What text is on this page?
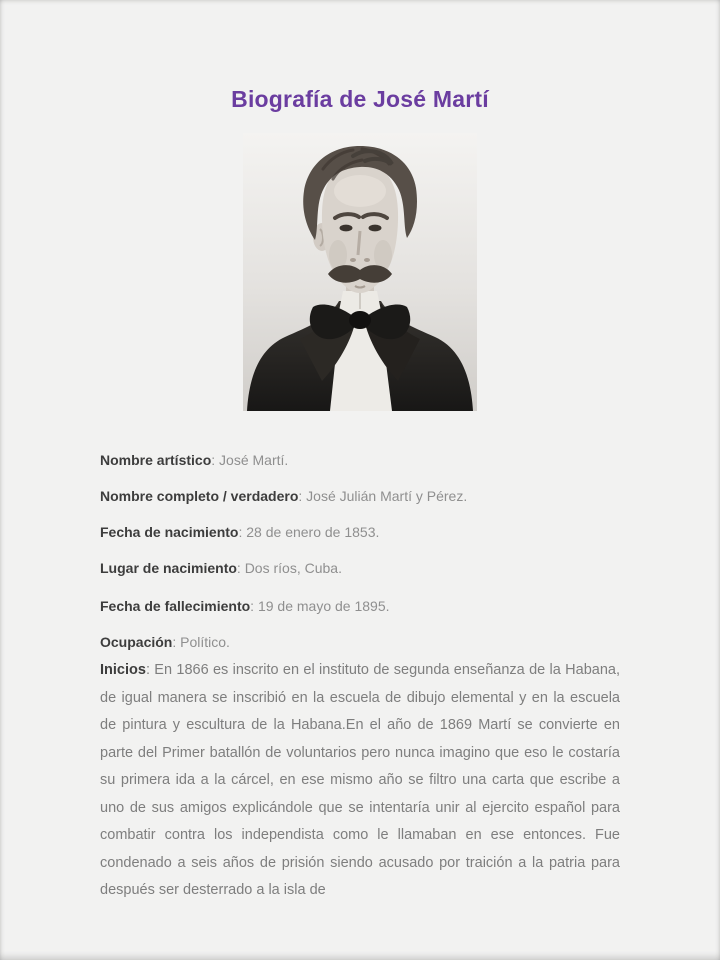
Biografía de José Martí

Nombre artístico: José Martí.

Nombre completo / verdadero: José Julián Martí y Pérez.

Fecha de nacimiento: 28 de enero de 1853.

Lugar de nacimiento: Dos ríos, Cuba.

Fecha de fallecimiento: 19 de mayo de 1895.

Ocupación: Político.

Inicios: En 1866 es inscrito en el instituto de segunda enseñanza de la Habana, de igual manera se inscribió en la escuela de dibujo elemental y en la escuela de pintura y escultura de la Habana.En el año de 1869 Martí se convierte en parte del Primer batallón de voluntarios pero nunca imagino que eso le costaría su primera ida a la cárcel, en ese mismo año se filtro una carta que escribe a uno de sus amigos explicándole que se intentaría unir al ejercito español para combatir contra los independista como le llamaban en ese entonces. Fue condenado a seis años de prisión siendo acusado por traición a la patria para después ser desterrado a la isla de
